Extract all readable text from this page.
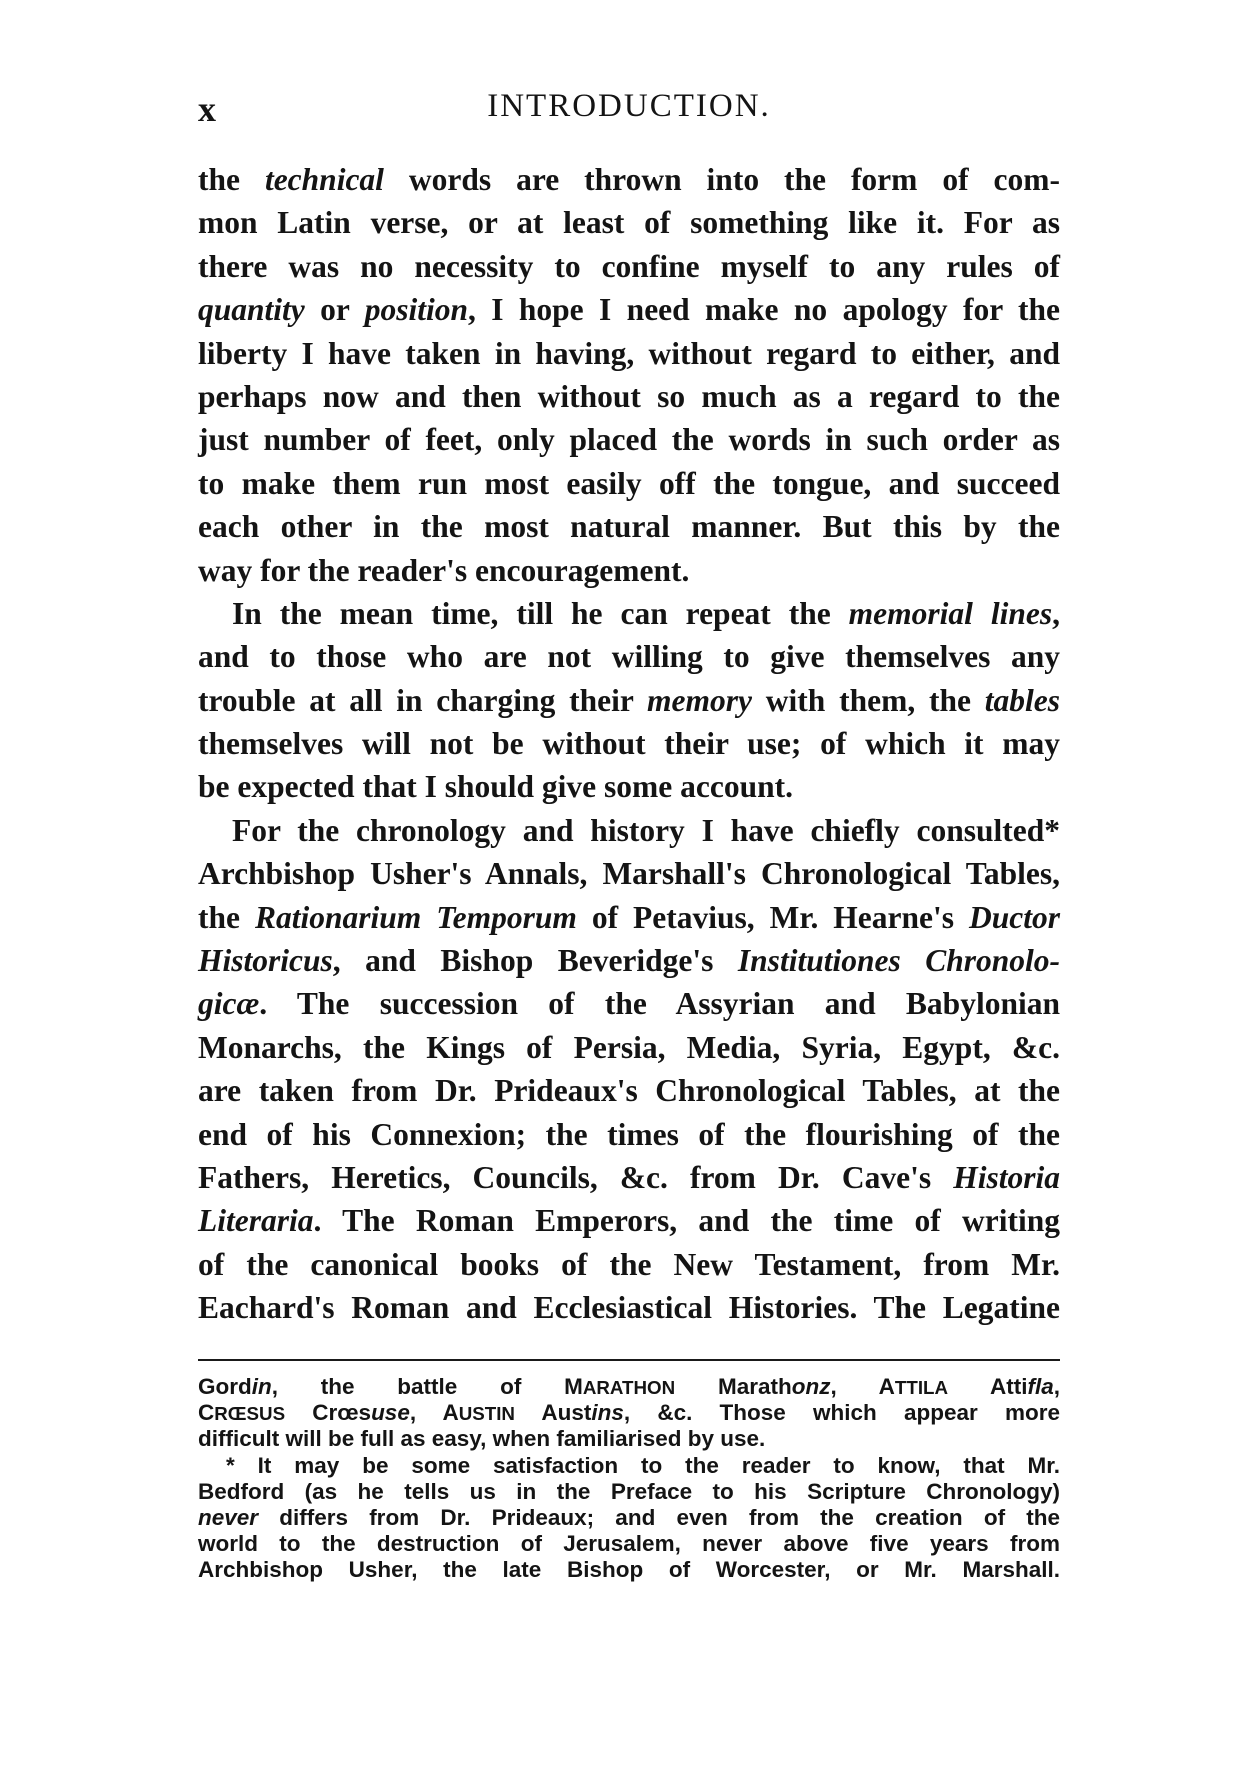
x	INTRODUCTION.
the technical words are thrown into the form of com-
mon Latin verse, or at least of something like it. For as
there was no necessity to confine myself to any rules of
quantity or position, I hope I need make no apology for the
liberty I have taken in having, without regard to either, and
perhaps now and then without so much as a regard to the
just number of feet, only placed the words in such order as
to make them run most easily off the tongue, and succeed
each other in the most natural manner. But this by the
way for the reader's encouragement.
In the mean time, till he can repeat the memorial lines,
and to those who are not willing to give themselves any
trouble at all in charging their memory with them, the tables
themselves will not be without their use; of which it may
be expected that I should give some account.
For the chronology and history I have chiefly consulted*
Archbishop Usher's Annals, Marshall's Chronological Tables,
the Rationarium Temporum of Petavius, Mr. Hearne's Ductor
Historicus, and Bishop Beveridge's Institutiones Chronolo-
gicæ. The succession of the Assyrian and Babylonian
Monarchs, the Kings of Persia, Media, Syria, Egypt, &c.
are taken from Dr. Prideaux's Chronological Tables, at the
end of his Connexion; the times of the flourishing of the
Fathers, Heretics, Councils, &c. from Dr. Cave's Historia
Literaria. The Roman Emperors, and the time of writing
of the canonical books of the New Testament, from Mr.
Eachard's Roman and Ecclesiastical Histories. The Legatine
Gordin, the battle of MARATHON Marathonz, ATTILA Attifla,
CRŒSUS Crœsuse, AUSTIN Austins, &c. Those which appear more
difficult will be full as easy, when familiarised by use.
* It may be some satisfaction to the reader to know, that Mr.
Bedford (as he tells us in the Preface to his Scripture Chronology)
never differs from Dr. Prideaux; and even from the creation of the
world to the destruction of Jerusalem, never above five years from
Archbishop Usher, the late Bishop of Worcester, or Mr. Marshall.
